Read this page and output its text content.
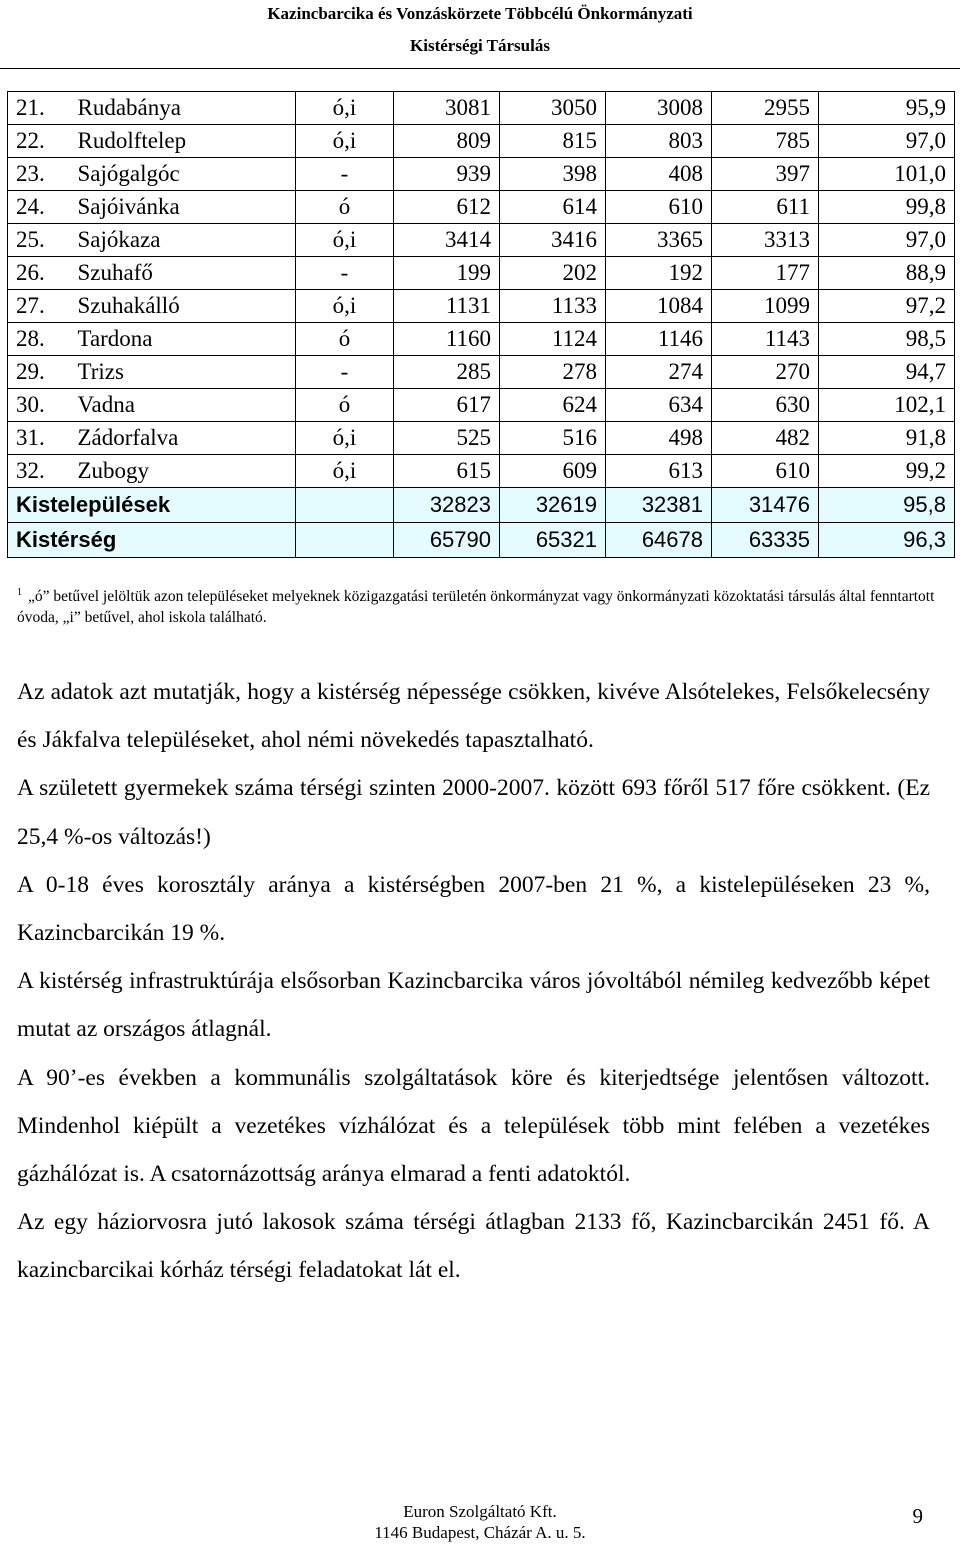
Kazincbarcika és Vonzáskörzete Többcélú Önkormányzati
Kistérségi Társulás
21.	Rudabánya	ó,i	3081	3050	3008	2955	95,9
22.	Rudolftelep	ó,i	809	815	803	785	97,0
23.	Sajógalgóc	-	939	398	408	397	101,0
24.	Sajóivánka	ó	612	614	610	611	99,8
25.	Sajókaza	ó,i	3414	3416	3365	3313	97,0
26.	Szuhafő	-	199	202	192	177	88,9
27.	Szuhakálló	ó,i	1131	1133	1084	1099	97,2
28.	Tardona	ó	1160	1124	1146	1143	98,5
29.	Trizs	-	285	278	274	270	94,7
30.	Vadna	ó	617	624	634	630	102,1
31.	Zádorfalva	ó,i	525	516	498	482	91,8
32.	Zubogy	ó,i	615	609	613	610	99,2
Kistelepülések			32823	32619	32381	31476	95,8
Kistérség			65790	65321	64678	63335	96,3
$^1$ „ó” betűvel jelöltük azon településeket melyeknek közigazgatási területén önkormányzat vagy önkormányzati közoktatási társulás által fenntartott óvoda, „i” betűvel, ahol iskola található.

Az adatok azt mutatják, hogy a kistérség népessége csökken, kivéve Alsótelekes, Felsőkelecsény és Jákfalva településeket, ahol némi növekedés tapasztalható.

A született gyermekek száma térségi szinten 2000-2007. között 693 főről 517 főre csökkent. (Ez 25,4 %-os változás!)

A 0-18 éves korosztály aránya a kistérségben 2007-ben 21 %, a kistelepüléseken 23 %, Kazincbarcikán 19 %.

A kistérség infrastruktúrája elsősorban Kazincbarcika város jóvoltából némileg kedvezőbb képet mutat az országos átlagnál.

A 90’-es években a kommunális szolgáltatások köre és kiterjedtsége jelentősen változott. Mindenhol kiépült a vezetékes vízhálózat és a települések több mint felében a vezetékes gázhálózat is. A csatornázottság aránya elmarad a fenti adatoktól.

Az egy háziorvosra jutó lakosok száma térségi átlagban 2133 fő, Kazincbarcikán 2451 fő. A kazincbarcikai kórház térségi feladatokat lát el.

Euron Szolgáltató Kft.
1146 Budapest, Cházár A. u. 5.
9
